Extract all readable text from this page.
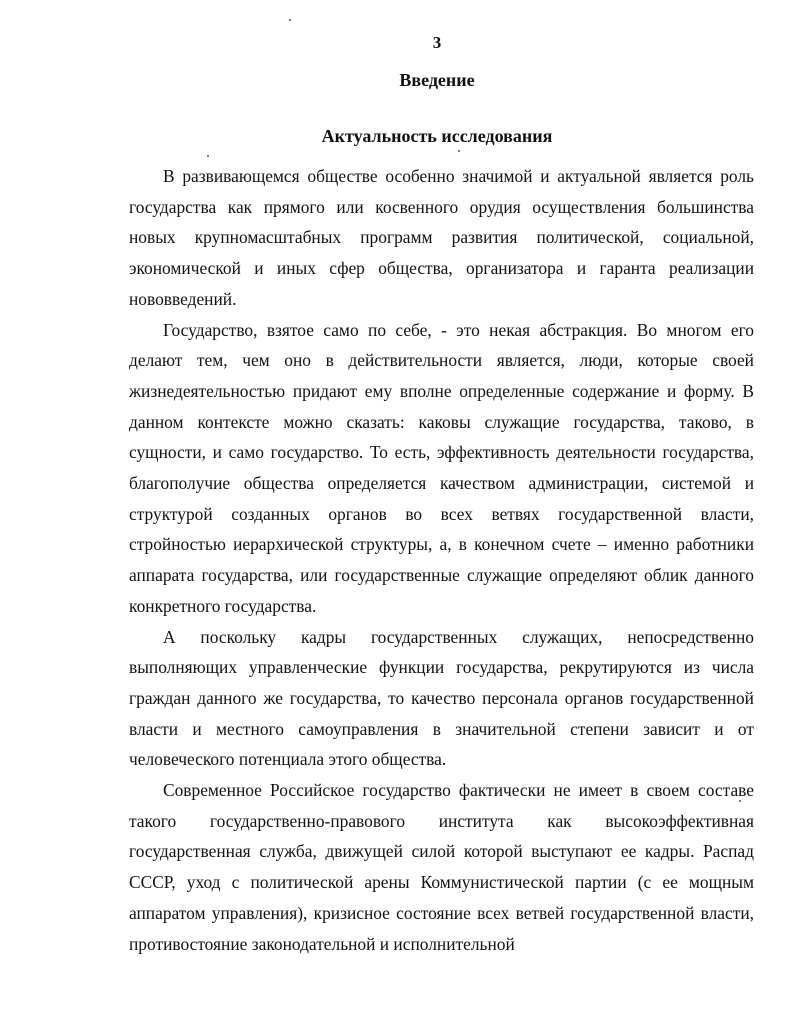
3
Введение
Актуальность исследования

В развивающемся обществе особенно значимой и актуальной является роль государства как прямого или косвенного орудия осуществления большинства новых крупномасштабных программ развития политической, социальной, экономической и иных сфер общества, организатора и гаранта реализации нововведений.

Государство, взятое само по себе, - это некая абстракция. Во многом его делают тем, чем оно в действительности является, люди, которые своей жизнедеятельностью придают ему вполне определенные содержание и форму. В данном контексте можно сказать: каковы служащие государства, таково, в сущности, и само государство. То есть, эффективность деятельности государства, благополучие общества определяется качеством администрации, системой и структурой созданных органов во всех ветвях государственной власти, стройностью иерархической структуры, а, в конечном счете – именно работники аппарата государства, или государственные служащие определяют облик данного конкретного государства.

А поскольку кадры государственных служащих, непосредственно выполняющих управленческие функции государства, рекрутируются из числа граждан данного же государства, то качество персонала органов государственной власти и местного самоуправления в значительной степени зависит и от человеческого потенциала этого общества.

Современное Российское государство фактически не имеет в своем составе такого государственно-правового института как высокоэффективная государственная служба, движущей силой которой выступают ее кадры. Распад СССР, уход с политической арены Коммунистической партии (с ее мощным аппаратом управления), кризисное состояние всех ветвей государственной власти, противостояние законодательной и исполнительной
